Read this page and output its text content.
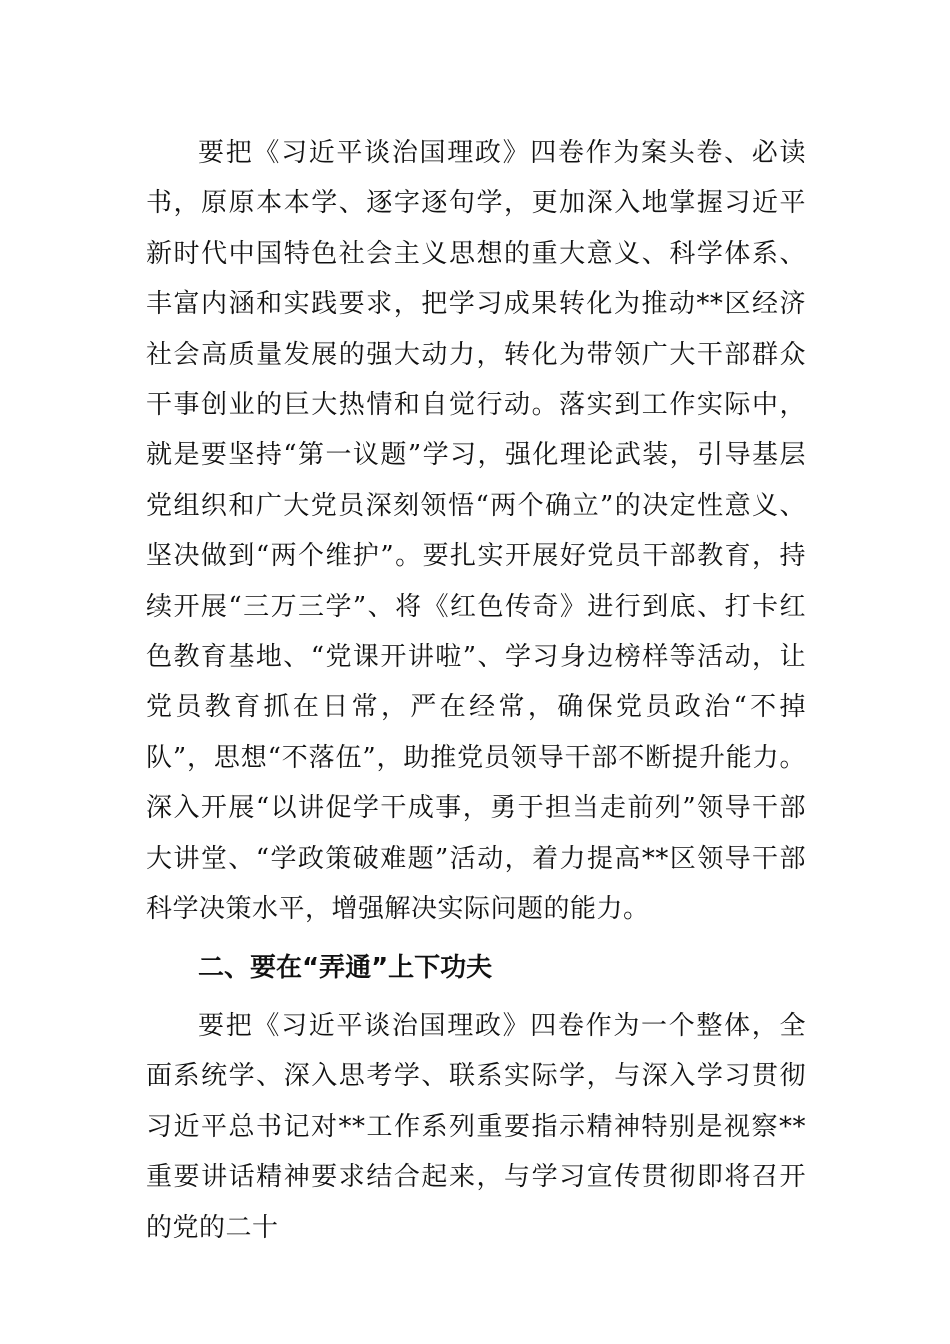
要把《习近平谈治国理政》四卷作为案头卷、必读书，原原本本学、逐字逐句学，更加深入地掌握习近平新时代中国特色社会主义思想的重大意义、科学体系、丰富内涵和实践要求，把学习成果转化为推动**区经济社会高质量发展的强大动力，转化为带领广大干部群众干事创业的巨大热情和自觉行动。落实到工作实际中，就是要坚持“第一议题”学习，强化理论武装，引导基层党组织和广大党员深刻领悟“两个确立”的决定性意义、坚决做到“两个维护”。要扎实开展好党员干部教育，持续开展“三万三学”、将《红色传奇》进行到底、打卡红色教育基地、“党课开讲啦”、学习身边榜样等活动，让党员教育抓在日常，严在经常，确保党员政治“不掉队”，思想“不落伍”，助推党员领导干部不断提升能力。深入开展“以讲促学干成事，勇于担当走前列”领导干部大讲堂、“学政策破难题”活动，着力提高**区领导干部科学决策水平，增强解决实际问题的能力。

二、要在“弄通”上下功夫

要把《习近平谈治国理政》四卷作为一个整体，全面系统学、深入思考学、联系实际学，与深入学习贯彻习近平总书记对**工作系列重要指示精神特别是视察**重要讲话精神要求结合起来，与学习宣传贯彻即将召开的党的二十
